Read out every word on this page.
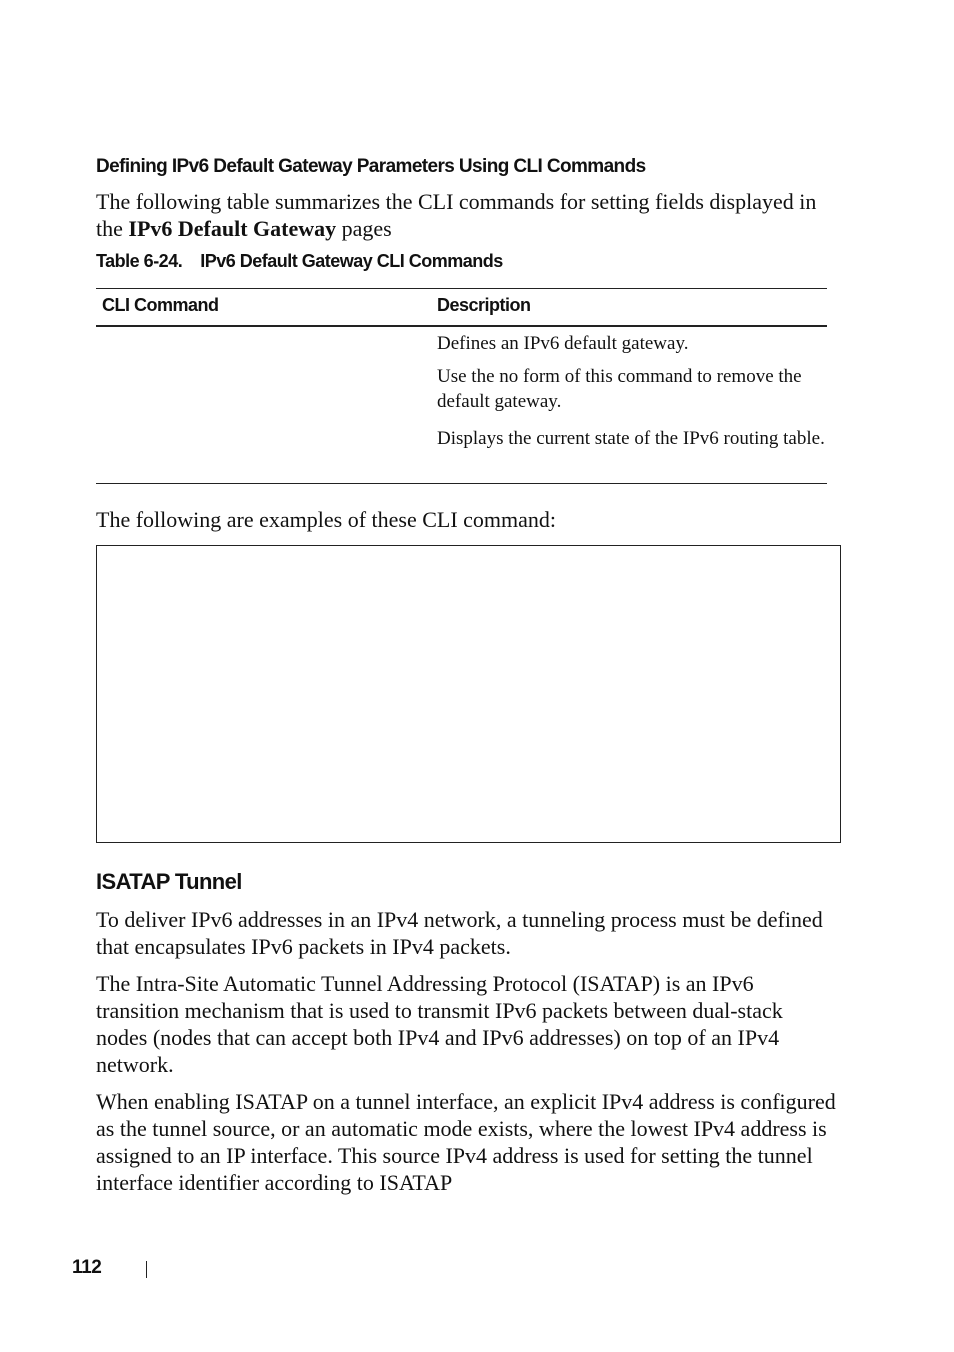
Defining IPv6 Default Gateway Parameters Using CLI Commands
The following table summarizes the CLI commands for setting fields displayed in the IPv6 Default Gateway pages
Table 6-24. IPv6 Default Gateway CLI Commands
CLI Command	Description
Defines an IPv6 default gateway.
Use the no form of this command to remove the default gateway.
Displays the current state of the IPv6 routing table.
The following are examples of these CLI command:
ISATAP Tunnel
To deliver IPv6 addresses in an IPv4 network, a tunneling process must be defined that encapsulates IPv6 packets in IPv4 packets.
The Intra-Site Automatic Tunnel Addressing Protocol (ISATAP) is an IPv6 transition mechanism that is used to transmit IPv6 packets between dual-stack nodes (nodes that can accept both IPv4 and IPv6 addresses) on top of an IPv4 network.
When enabling ISATAP on a tunnel interface, an explicit IPv4 address is configured as the tunnel source, or an automatic mode exists, where the lowest IPv4 address is assigned to an IP interface. This source IPv4 address is used for setting the tunnel interface identifier according to ISATAP
112
